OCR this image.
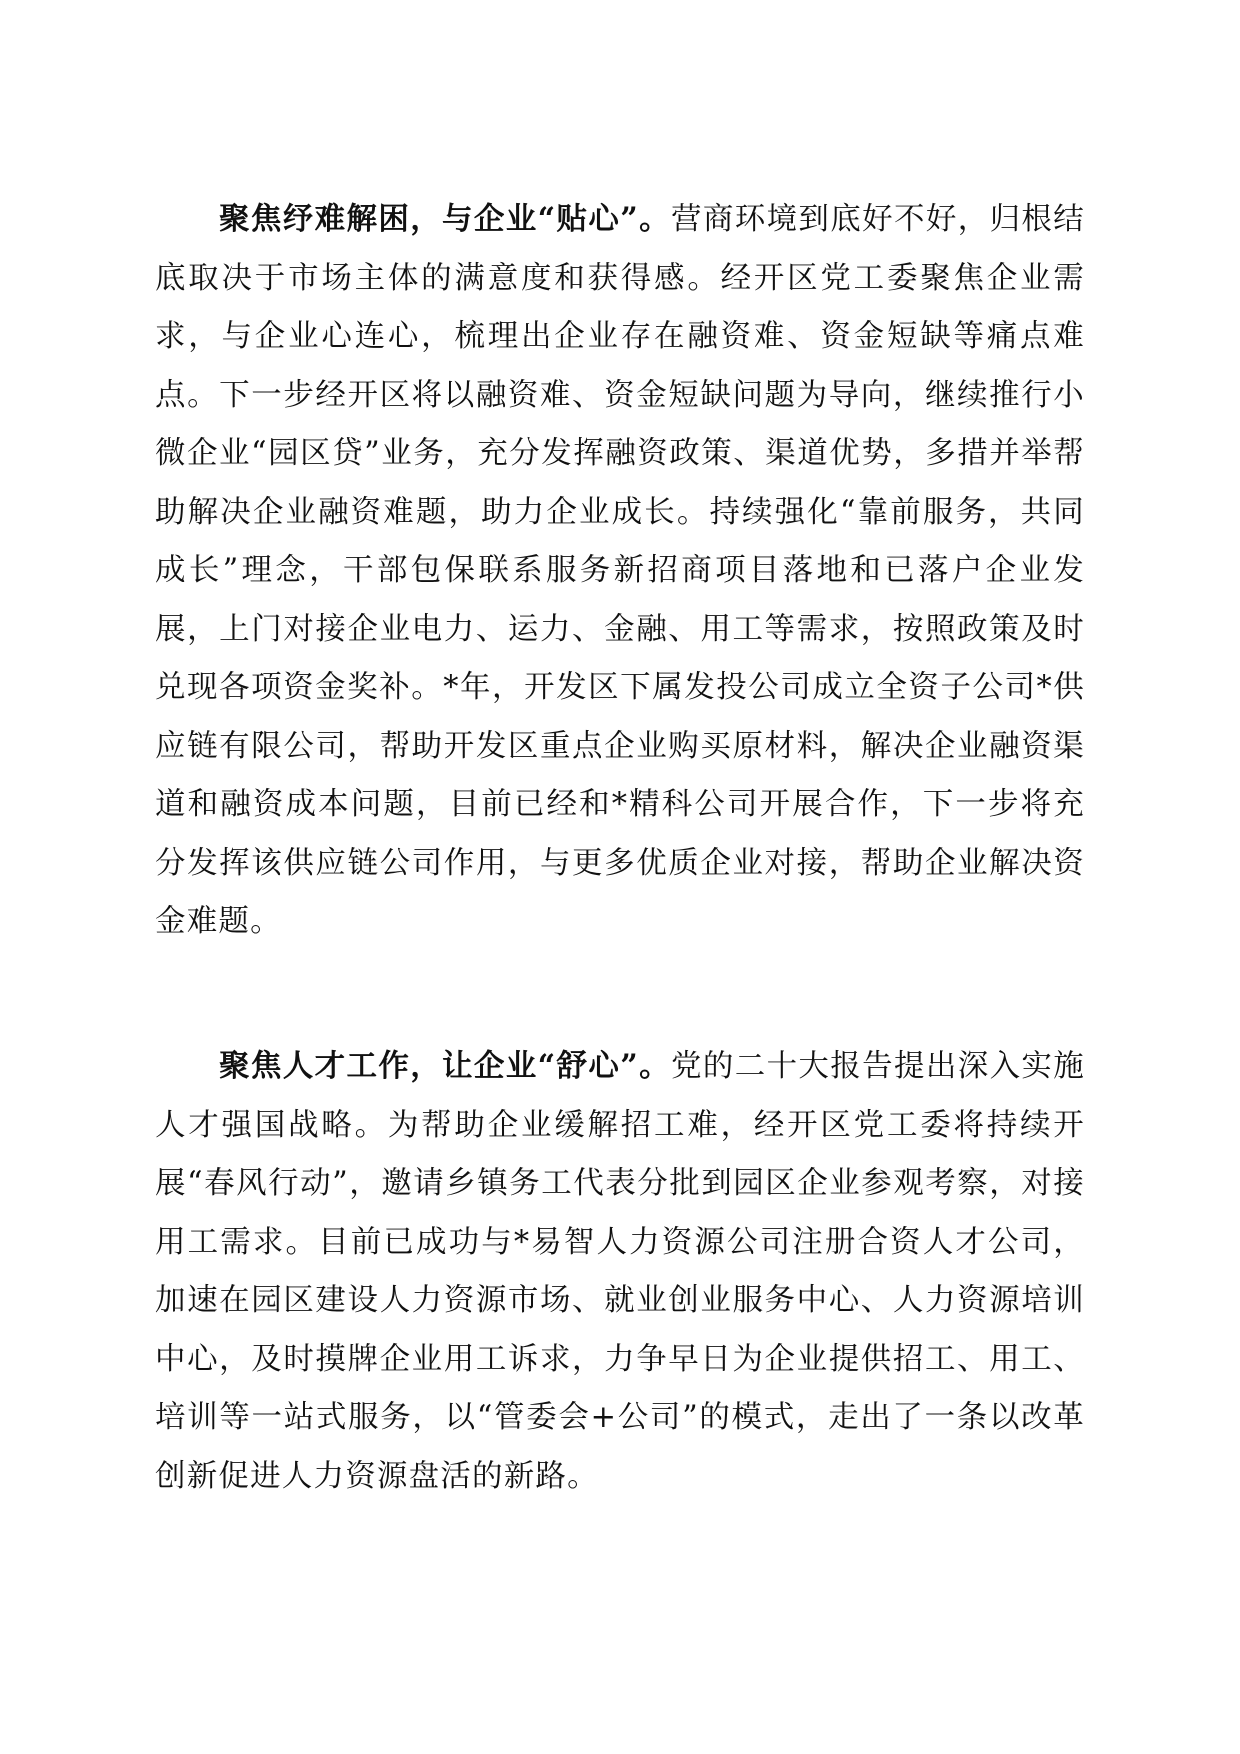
聚焦纾难解困，与企业“贴心”。营商环境到底好不好，归根结底取决于市场主体的满意度和获得感。经开区党工委聚焦企业需求，与企业心连心，梳理出企业存在融资难、资金短缺等痛点难点。下一步经开区将以融资难、资金短缺问题为导向，继续推行小微企业“园区贷”业务，充分发挥融资政策、渠道优势，多措并举帮助解决企业融资难题，助力企业成长。持续强化“靠前服务，共同成长”理念，干部包保联系服务新招商项目落地和已落户企业发展，上门对接企业电力、运力、金融、用工等需求，按照政策及时兑现各项资金奖补。*年，开发区下属发投公司成立全资子公司*供应链有限公司，帮助开发区重点企业购买原材料，解决企业融资渠道和融资成本问题，目前已经和*精科公司开展合作，下一步将充分发挥该供应链公司作用，与更多优质企业对接，帮助企业解决资金难题。

聚焦人才工作，让企业“舒心”。党的二十大报告提出深入实施人才强国战略。为帮助企业缓解招工难，经开区党工委将持续开展“春风行动”，邀请乡镇务工代表分批到园区企业参观考察，对接用工需求。目前已成功与*易智人力资源公司注册合资人才公司，加速在园区建设人力资源市场、就业创业服务中心、人力资源培训中心，及时摸牌企业用工诉求，力争早日为企业提供招工、用工、培训等一站式服务，以“管委会+公司”的模式，走出了一条以改革创新促进人力资源盘活的新路。
